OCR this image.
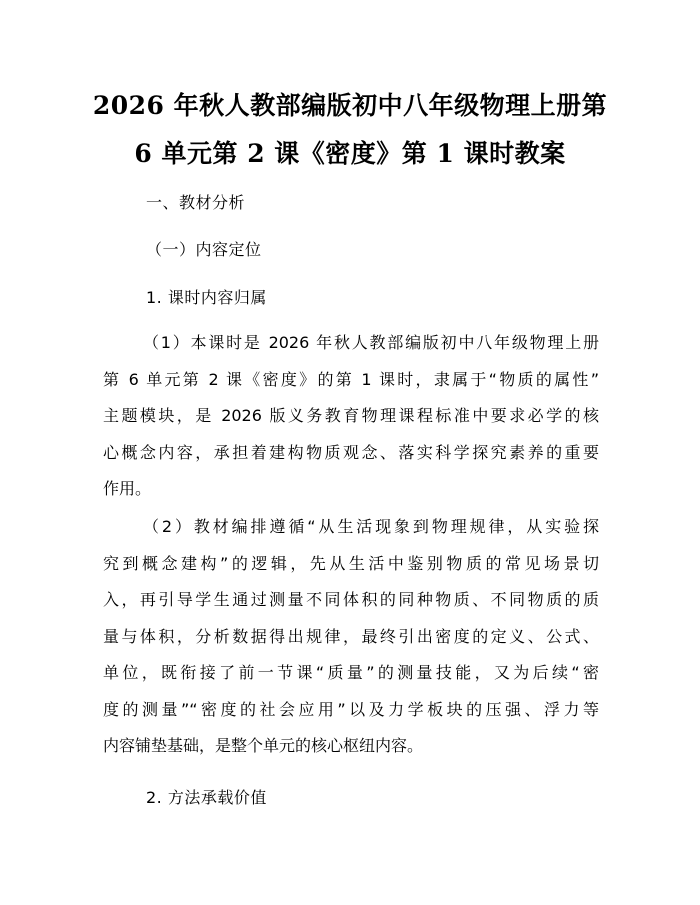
2026 年秋人教部编版初中八年级物理上册第
6 单元第 2 课《密度》第 1 课时教案

一、教材分析

（一）内容定位

1. 课时内容归属

（1）本课时是 2026 年秋人教部编版初中八年级物理上册
第 6 单元第 2 课《密度》的第 1 课时，隶属于“物质的属性”
主题模块，是 2026 版义务教育物理课程标准中要求必学的核
心概念内容，承担着建构物质观念、落实科学探究素养的重要
作用。
（2）教材编排遵循“从生活现象到物理规律，从实验探
究到概念建构”的逻辑，先从生活中鉴别物质的常见场景切
入，再引导学生通过测量不同体积的同种物质、不同物质的质
量与体积，分析数据得出规律，最终引出密度的定义、公式、
单位，既衔接了前一节课“质量”的测量技能，又为后续“密
度的测量”“密度的社会应用”以及力学板块的压强、浮力等
内容铺垫基础，是整个单元的核心枢纽内容。

2. 方法承载价值
